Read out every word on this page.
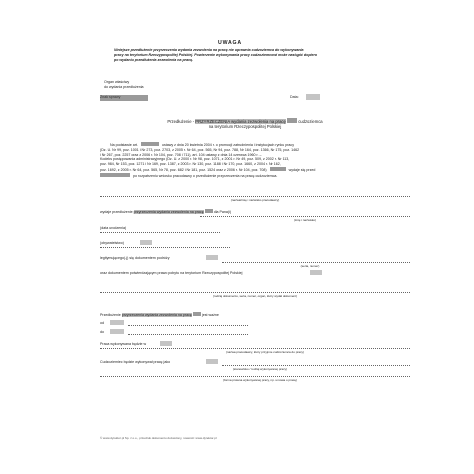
UWAGA
Niniejsze przedłużenie przyrzeczenia wydania zezwolenia na pracę nie uprawnia cudzoziemca do wykonywania
pracy na terytorium Rzeczypospolitej Polskiej. Powierzenie wykonywania pracy cudzoziemcowi może nastąpić dopiero
po wydaniu przedłużenia zezwolenia na pracę.
Organ właściwy
do wydania przedłużenia
Znak sprawy	Data:
Przedłużenie - PRZYRZECZENIA wydania zezwolenia na pracę	cudzoziemca
na terytorium Rzeczypospolitej Polskiej
Na podstawie art.	ustawy z dnia 20 kwietnia 2004 r. o promocji zatrudnienia i instytucjach rynku pracy
(Dz. U. Nr 99, poz. 1001 i Nr 273, poz. 2703, z 2005 r. Nr 64, poz. 565, Nr 94, poz. 788, Nr 164, poz. 1366, Nr 175, poz. 1462
i Nr 267, poz. 2257 oraz z 2006 r. Nr 104, poz. 708 i 711), art. 104 ustawy z dnia 14 czerwca 1960 r. –
Kodeks postępowania administracyjnego (Dz. U. z 2000 r. Nr 98, poz. 1071, z 2001 r. Nr 49, poz. 509, z 2002 r. Nr 113,
poz. 984, Nr 153, poz. 1271 i Nr 169, poz. 1387, z 2003 r. Nr 130, poz. 1188 i Nr 170, poz. 1660, z 2004 r. Nr 162,
poz. 1692, z 2005 r. Nr 64, poz. 565, Nr 78, poz. 682 i Nr 181, poz. 1524 oraz z 2006 r. Nr 104, poz. 708)	wydaje się przed
po rozpatrzeniu wniosku pracodawcy o przedłużenie przyrzeczenia na pracę cudzoziemca.
(nazwa/imię i nazwisko pracodawcy)
wydaje przedłużenie przyrzeczenia wydania zezwolenia na pracę	dla Pana(i)
(imię i nazwisko)
(data urodzenia)
(obywatelstwo)
legitymującego(-j) się dokumentem podróży
(seria, numer)
oraz dokumentem potwierdzającym prawo pobytu na terytorium Rzeczypospolitej Polskiej
(rodzaj dokumentu, seria, numer, organ, który wydał dokument)
Przedłużenie przyrzeczenia wydania zezwolenia na pracę	jest ważne
od
do
Praca wykonywana będzie w
(nazwa pracodawcy, który przyjmie cudzoziemca do pracy)
Cudzoziemiec będzie wykonywał pracę jako
(stanowisko / rodzaj wykonywanej pracy)
(forma prawna wykonywanej pracy, np. umowa o pracę)
© www.dyrektor.pl Sp. z o.o., przedruk dokumentu dozwolony, nowości: www.dyrektor.pl
